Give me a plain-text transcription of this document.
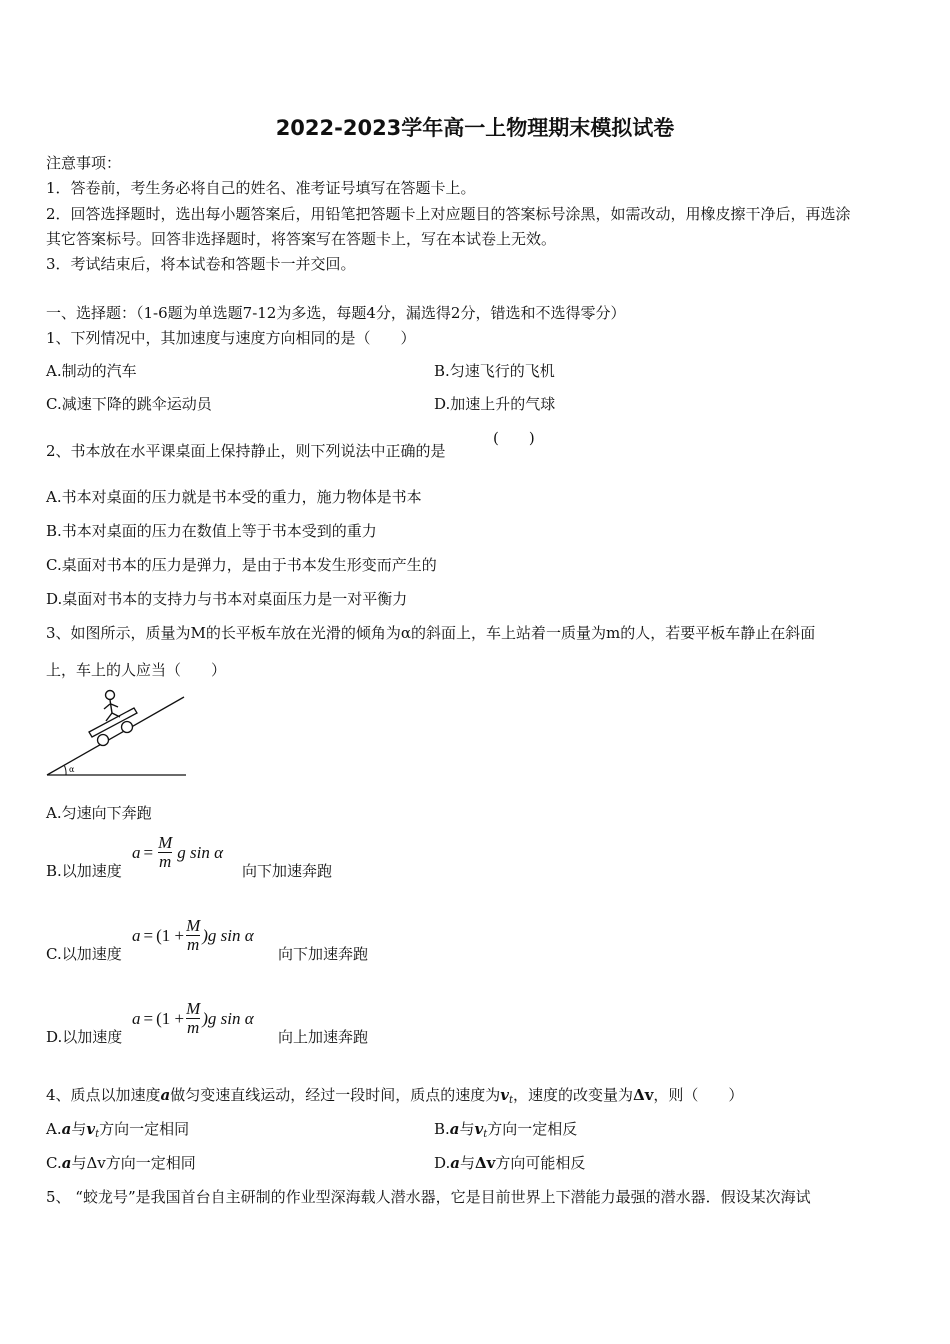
2022-2023学年高一上物理期末模拟试卷
注意事项：
1．答卷前，考生务必将自己的姓名、准考证号填写在答题卡上。
2．回答选择题时，选出每小题答案后，用铅笔把答题卡上对应题目的答案标号涂黑，如需改动，用橡皮擦干净后，再选涂
其它答案标号。回答非选择题时，将答案写在答题卡上，写在本试卷上无效。
3．考试结束后，将本试卷和答题卡一并交回。
一、选择题：（1-6题为单选题7-12为多选，每题4分，漏选得2分，错选和不选得零分）
1、下列情况中，其加速度与速度方向相同的是（　　）
A.制动的汽车	B.匀速飞行的飞机
C.减速下降的跳伞运动员	D.加速上升的气球
2、书本放在水平课桌面上保持静止，则下列说法中正确的是
(　　)
A.书本对桌面的压力就是书本受的重力，施力物体是书本
B.书本对桌面的压力在数值上等于书本受到的重力
C.桌面对书本的压力是弹力，是由于书本发生形变而产生的
D.桌面对书本的支持力与书本对桌面压力是一对平衡力
3、如图所示，质量为M的长平板车放在光滑的倾角为α的斜面上，车上站着一质量为m的人，若要平板车静止在斜面
上，车上的人应当（　　）
α
A.匀速向下奔跑
B.以加速度
$a = \frac{M}{m}$ g sin α
向下加速奔跑
C.以加速度
$a = (1 + \frac{M}{m} )g$ sin α
向下加速奔跑
D.以加速度
$a = (1 + \frac{M}{m} )g$ sin α
向上加速奔跑
4、质点以加速度a做匀变速直线运动，经过一段时间，质点的速度为$v_t$，速度的改变量为Δv，则（　　）
A.a与$v_t$方向一定相同	B.a与$v_t$方向一定相反
C.a与Δv方向一定相同	D.a与Δv方向可能相反
5、 “蛟龙号”是我国首台自主研制的作业型深海载人潜水器，它是目前世界上下潜能力最强的潜水器．假设某次海试
